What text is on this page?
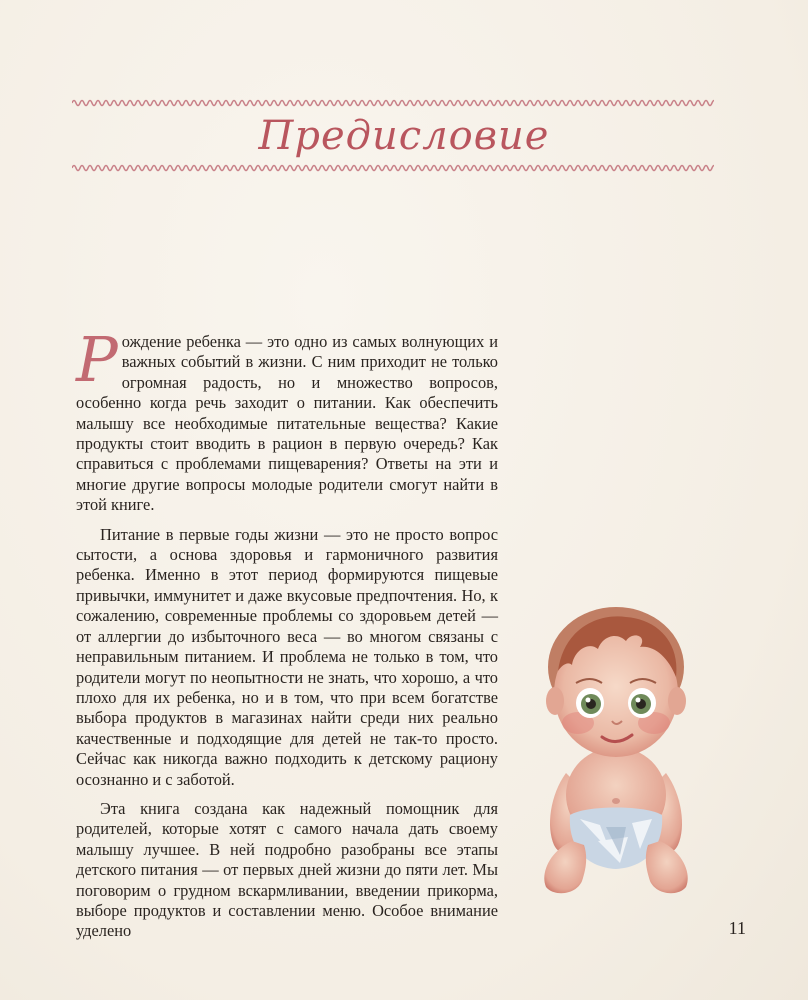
Предисловие

Рождение ребенка — это одно из самых волнующих и важных событий в жизни. С ним приходит не только огромная радость, но и множество вопросов, особенно когда речь заходит о питании. Как обеспечить малышу все необходимые питательные вещества? Какие продукты стоит вводить в рацион в первую очередь? Как справиться с проблемами пищеварения? Ответы на эти и многие другие вопросы молодые родители смогут найти в этой книге.

Питание в первые годы жизни — это не просто вопрос сытости, а основа здоровья и гармоничного развития ребенка. Именно в этот период формируются пищевые привычки, иммунитет и даже вкусовые предпочтения. Но, к сожалению, современные проблемы со здоровьем детей — от аллергии до избыточного веса — во многом связаны с неправильным питанием. И проблема не только в том, что родители могут по неопытности не знать, что хорошо, а что плохо для их ребенка, но и в том, что при всем богатстве выбора продуктов в магазинах найти среди них реально качественные и подходящие для детей не так-то просто. Сейчас как никогда важно подходить к детскому рациону осознанно и с заботой.

Эта книга создана как надежный помощник для родителей, которые хотят с самого начала дать своему малышу лучшее. В ней подробно разобраны все этапы детского питания — от первых дней жизни до пяти лет. Мы поговорим о грудном вскармливании, введении прикорма, выборе продуктов и составлении меню. Особое внимание уделено	11
